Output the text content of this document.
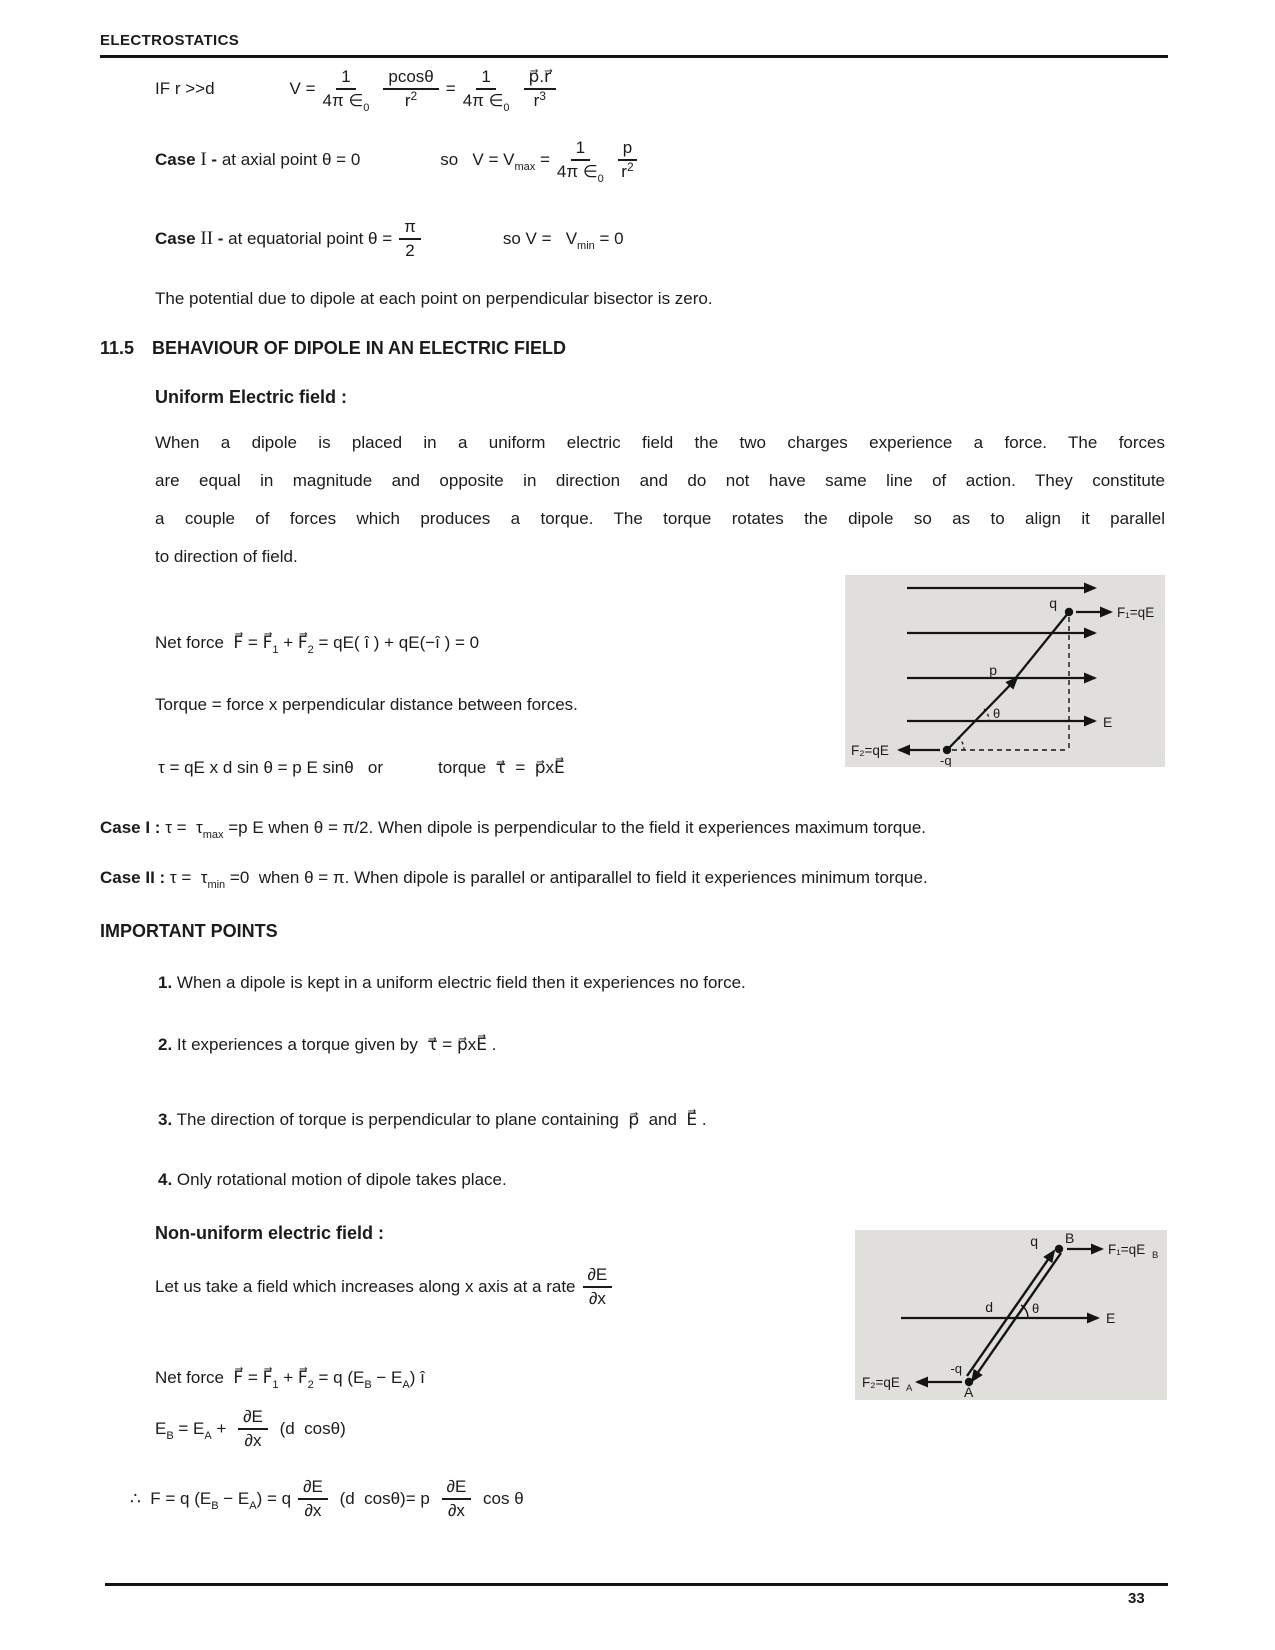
ELECTROSTATICS
IF r >>d	$V = \frac{1}{4\pi \in_0} \frac{pcos\theta}{r^2} = \frac{1}{4\pi \in_0} \frac{p⃗.r⃗}{r^3}$
Case I - at axial point θ = 0	so   $V = V_{max} = \frac{1}{4\pi \in_0} \frac{p}{r^2}$
Case II - at equatorial point $\theta = \frac{\pi}{2}$	so $V = V_{min} = 0$
The potential due to dipole at each point on perpendicular bisector is zero.
11.5 BEHAVIOUR OF DIPOLE IN AN ELECTRIC FIELD
Uniform Electric field :
When a dipole is placed in a uniform electric field the two charges experience a force. The forces
are equal in magnitude and opposite in direction and do not have same line of action. They constitute
a couple of forces which produces a torque. The torque rotates the dipole so as to align it parallel
to direction of field.
q
-q
p
F₁=qE
F₂=qE
E
θ
Net force  F⃗ = $F⃗_1$ + $F⃗_2 = qE$( î ) + qE(−î ) = 0
Torque = force x perpendicular distance between forces.
τ = qE x d sin θ = p E sinθ   or	torque  τ⃗  =  p⃗xE⃗
Case I : $\tau = \tau_{max} =p$ E when θ = π/2. When dipole is perpendicular to the field it experiences maximum torque.
Case II : $\tau = \tau_{min} =0$  when θ = π. When dipole is parallel or antiparallel to field it experiences minimum torque.
IMPORTANT POINTS
1. When a dipole is kept in a uniform electric field then it experiences no force.
2. It experiences a torque given by  τ⃗ = p⃗xE⃗ .
3. The direction of torque is perpendicular to plane containing  p⃗  and  E⃗ .
4. Only rotational motion of dipole takes place.
Non-uniform electric field :
Let us take a field which increases along x axis at a rate $\frac{\partial E}{\partial x}$
q B
-q
A
F₁=qE B
F₂=qE A
E
d	θ
Net force  F⃗ = $F⃗_1$ + $F⃗_2 = q$ $(E_B - E_A)$ î
$E_B = E_A + \frac{\partial E}{\partial x} (d$  cosθ)
∴  F = q $(E_B - E_A) = q \frac{\partial E}{\partial x} (d$  cosθ)= p $\frac{\partial E}{\partial x}$ cos θ
33
